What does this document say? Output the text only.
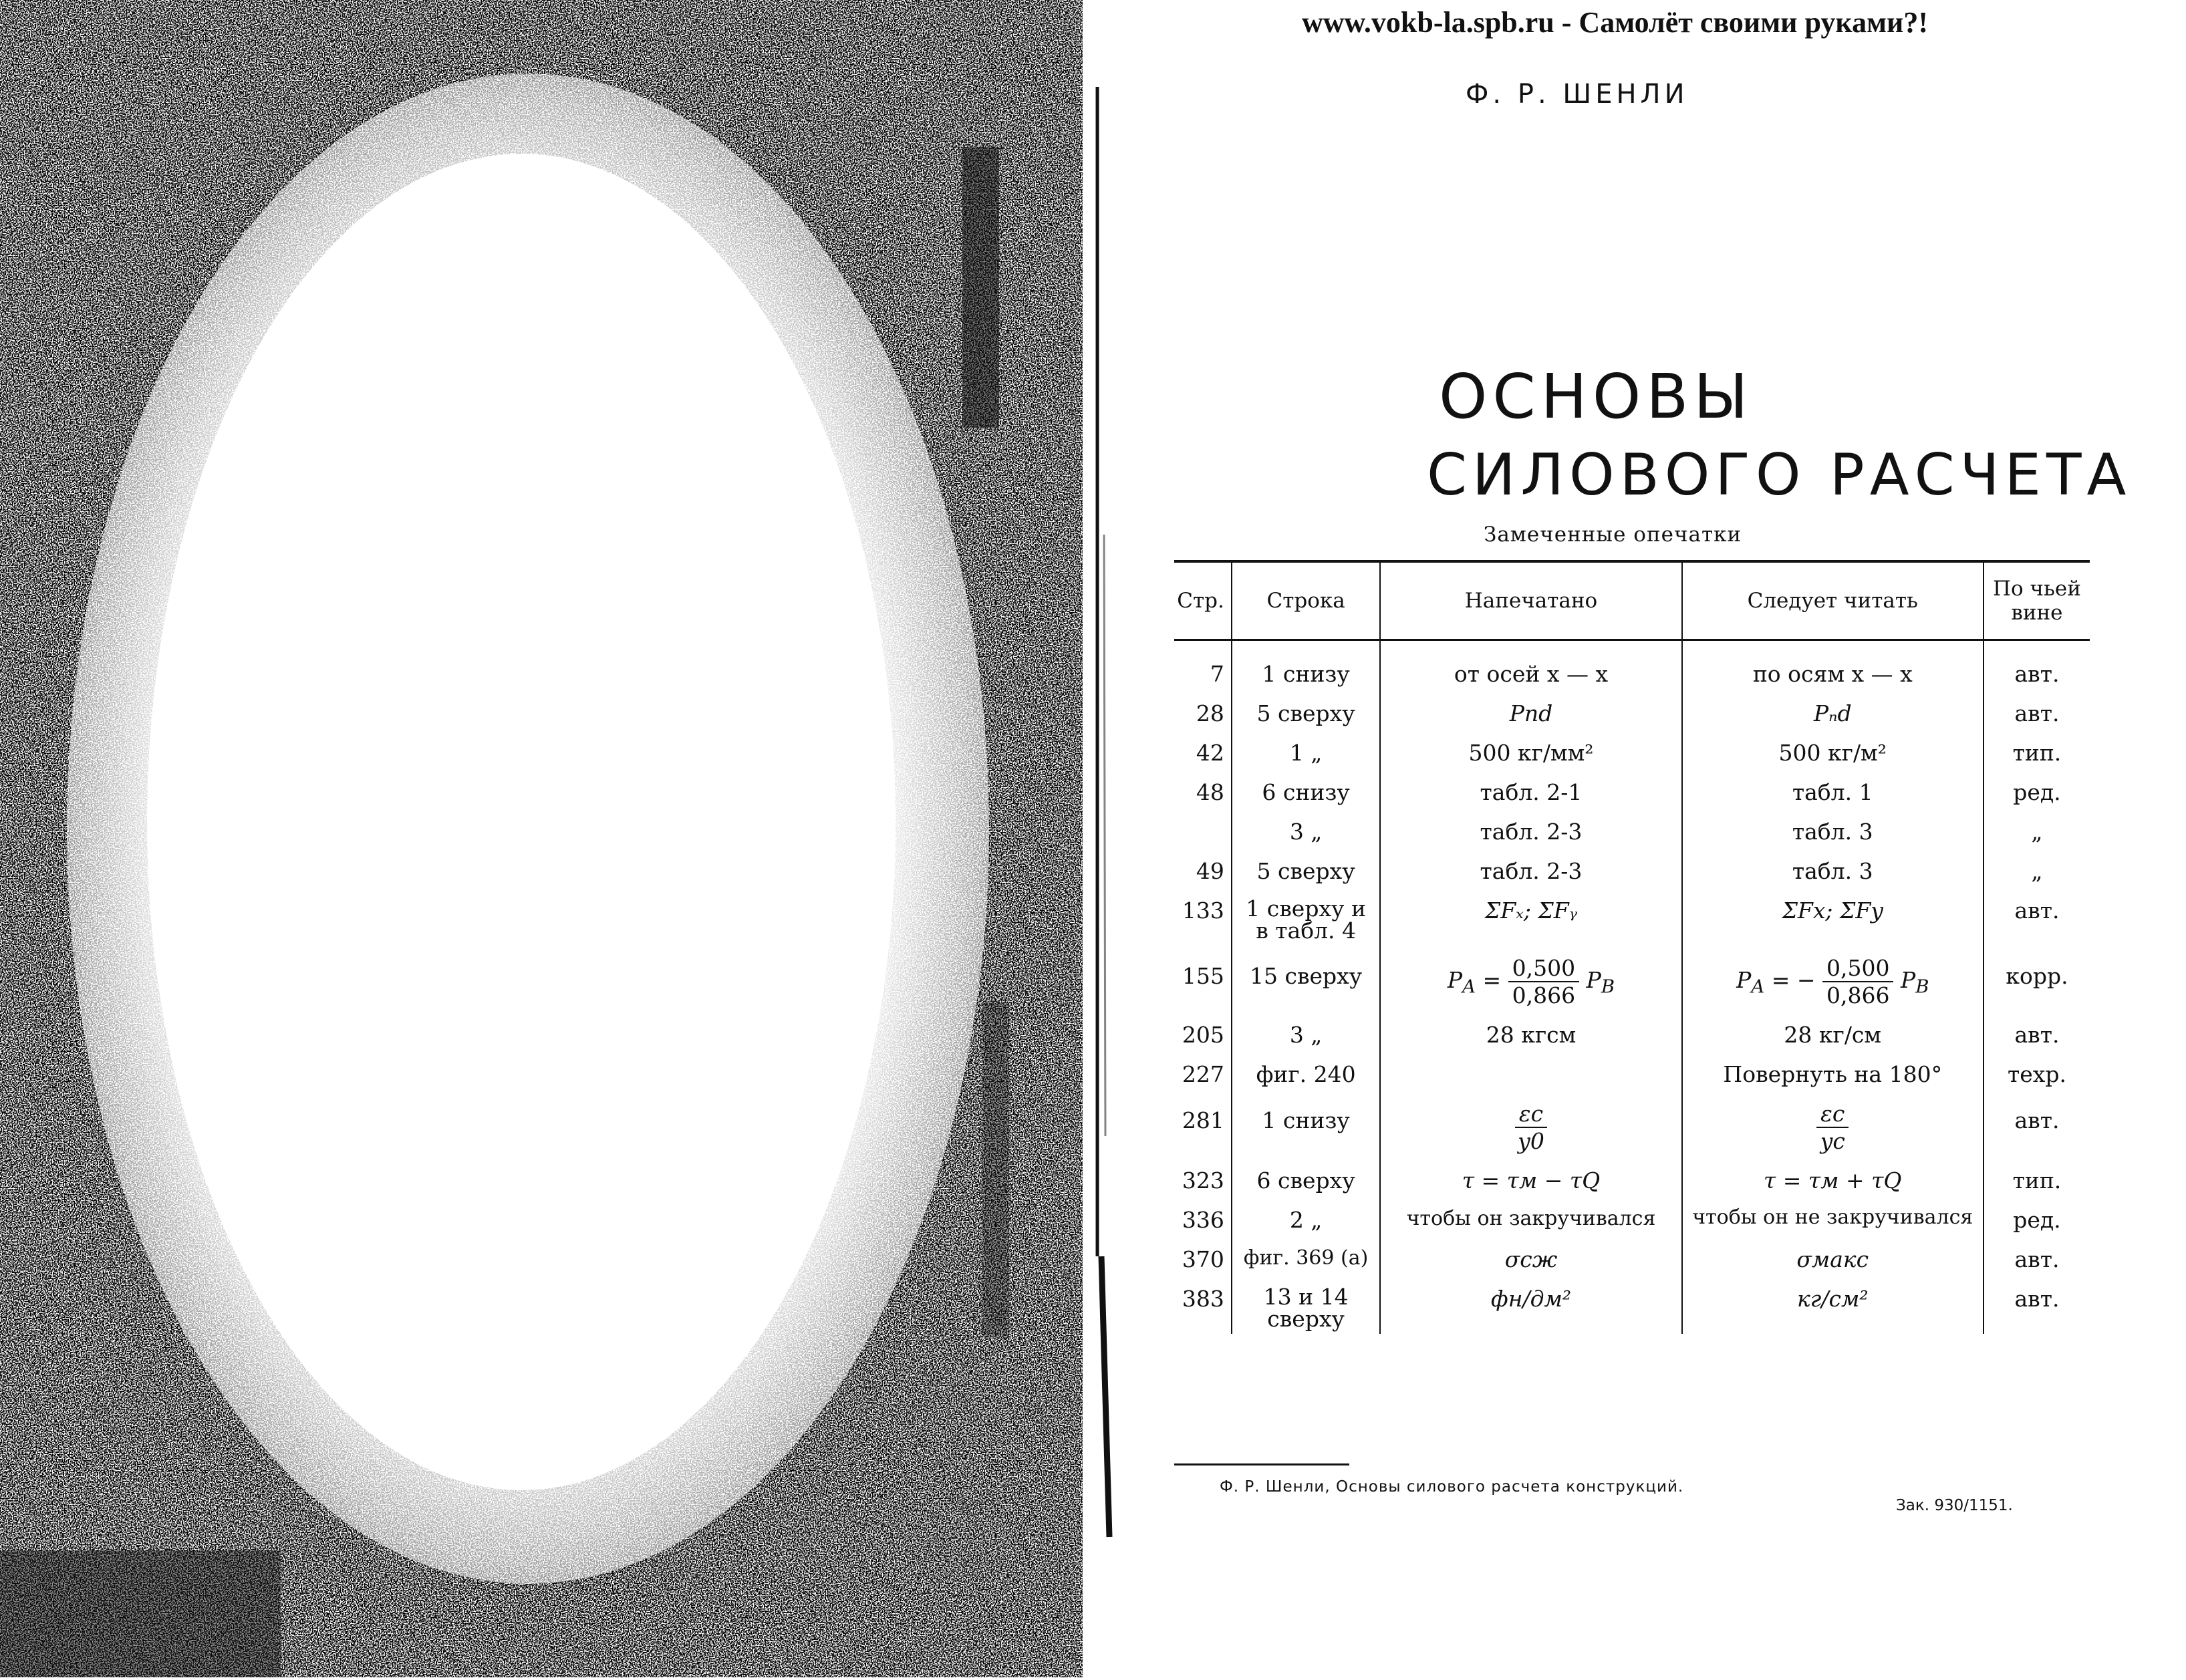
www.vokb-la.spb.ru - Самолёт своими руками?!
Ф. Р. ШЕНЛИ
ОСНОВЫ
СИЛОВОГО РАСЧЕТА
Замеченные опечатки
Стр.	Строка	Напечатано	Следует читать	По чьей вине
7	1 снизу	от осей x — x	по осям x — x	авт.
28	5 сверху	Pnd	Pₙd	авт.
42	1 „	500 кг/мм²	500 кг/м²	тип.
48	6 снизу	табл. 2-1	табл. 1	ред.
	3 „	табл. 2-3	табл. 3	„
49	5 сверху	табл. 2-3	табл. 3	„
133	1 сверху и в табл. 4	ΣFₓ; ΣFᵧ	ΣFx; ΣFy	авт.
155	15 сверху	$P_A = \frac{0,500}{0,866} P_B$	$P_A$ = − $\frac{0,500}{0,866} P_B$	корр.
205	3 „	28 кгсм	28 кг/см	авт.
227	фиг. 240		Повернуть на 180°	техр.
281	1 снизу	$\frac{\varepsilon c}{y0}$	$\frac{\varepsilon c}{yc}$	авт.
323	6 сверху	τ = τм − τQ	τ = τм + τQ	тип.
336	2 „	чтобы он закручивался	чтобы он не закручивался	ред.
370	фиг. 369 (а)	σсж	σмакс	авт.
383	13 и 14 сверху	фн/дм²	кг/см²	авт.
Ф. Р. Шенли, Основы силового расчета конструкций.
Зак. 930/1151.
